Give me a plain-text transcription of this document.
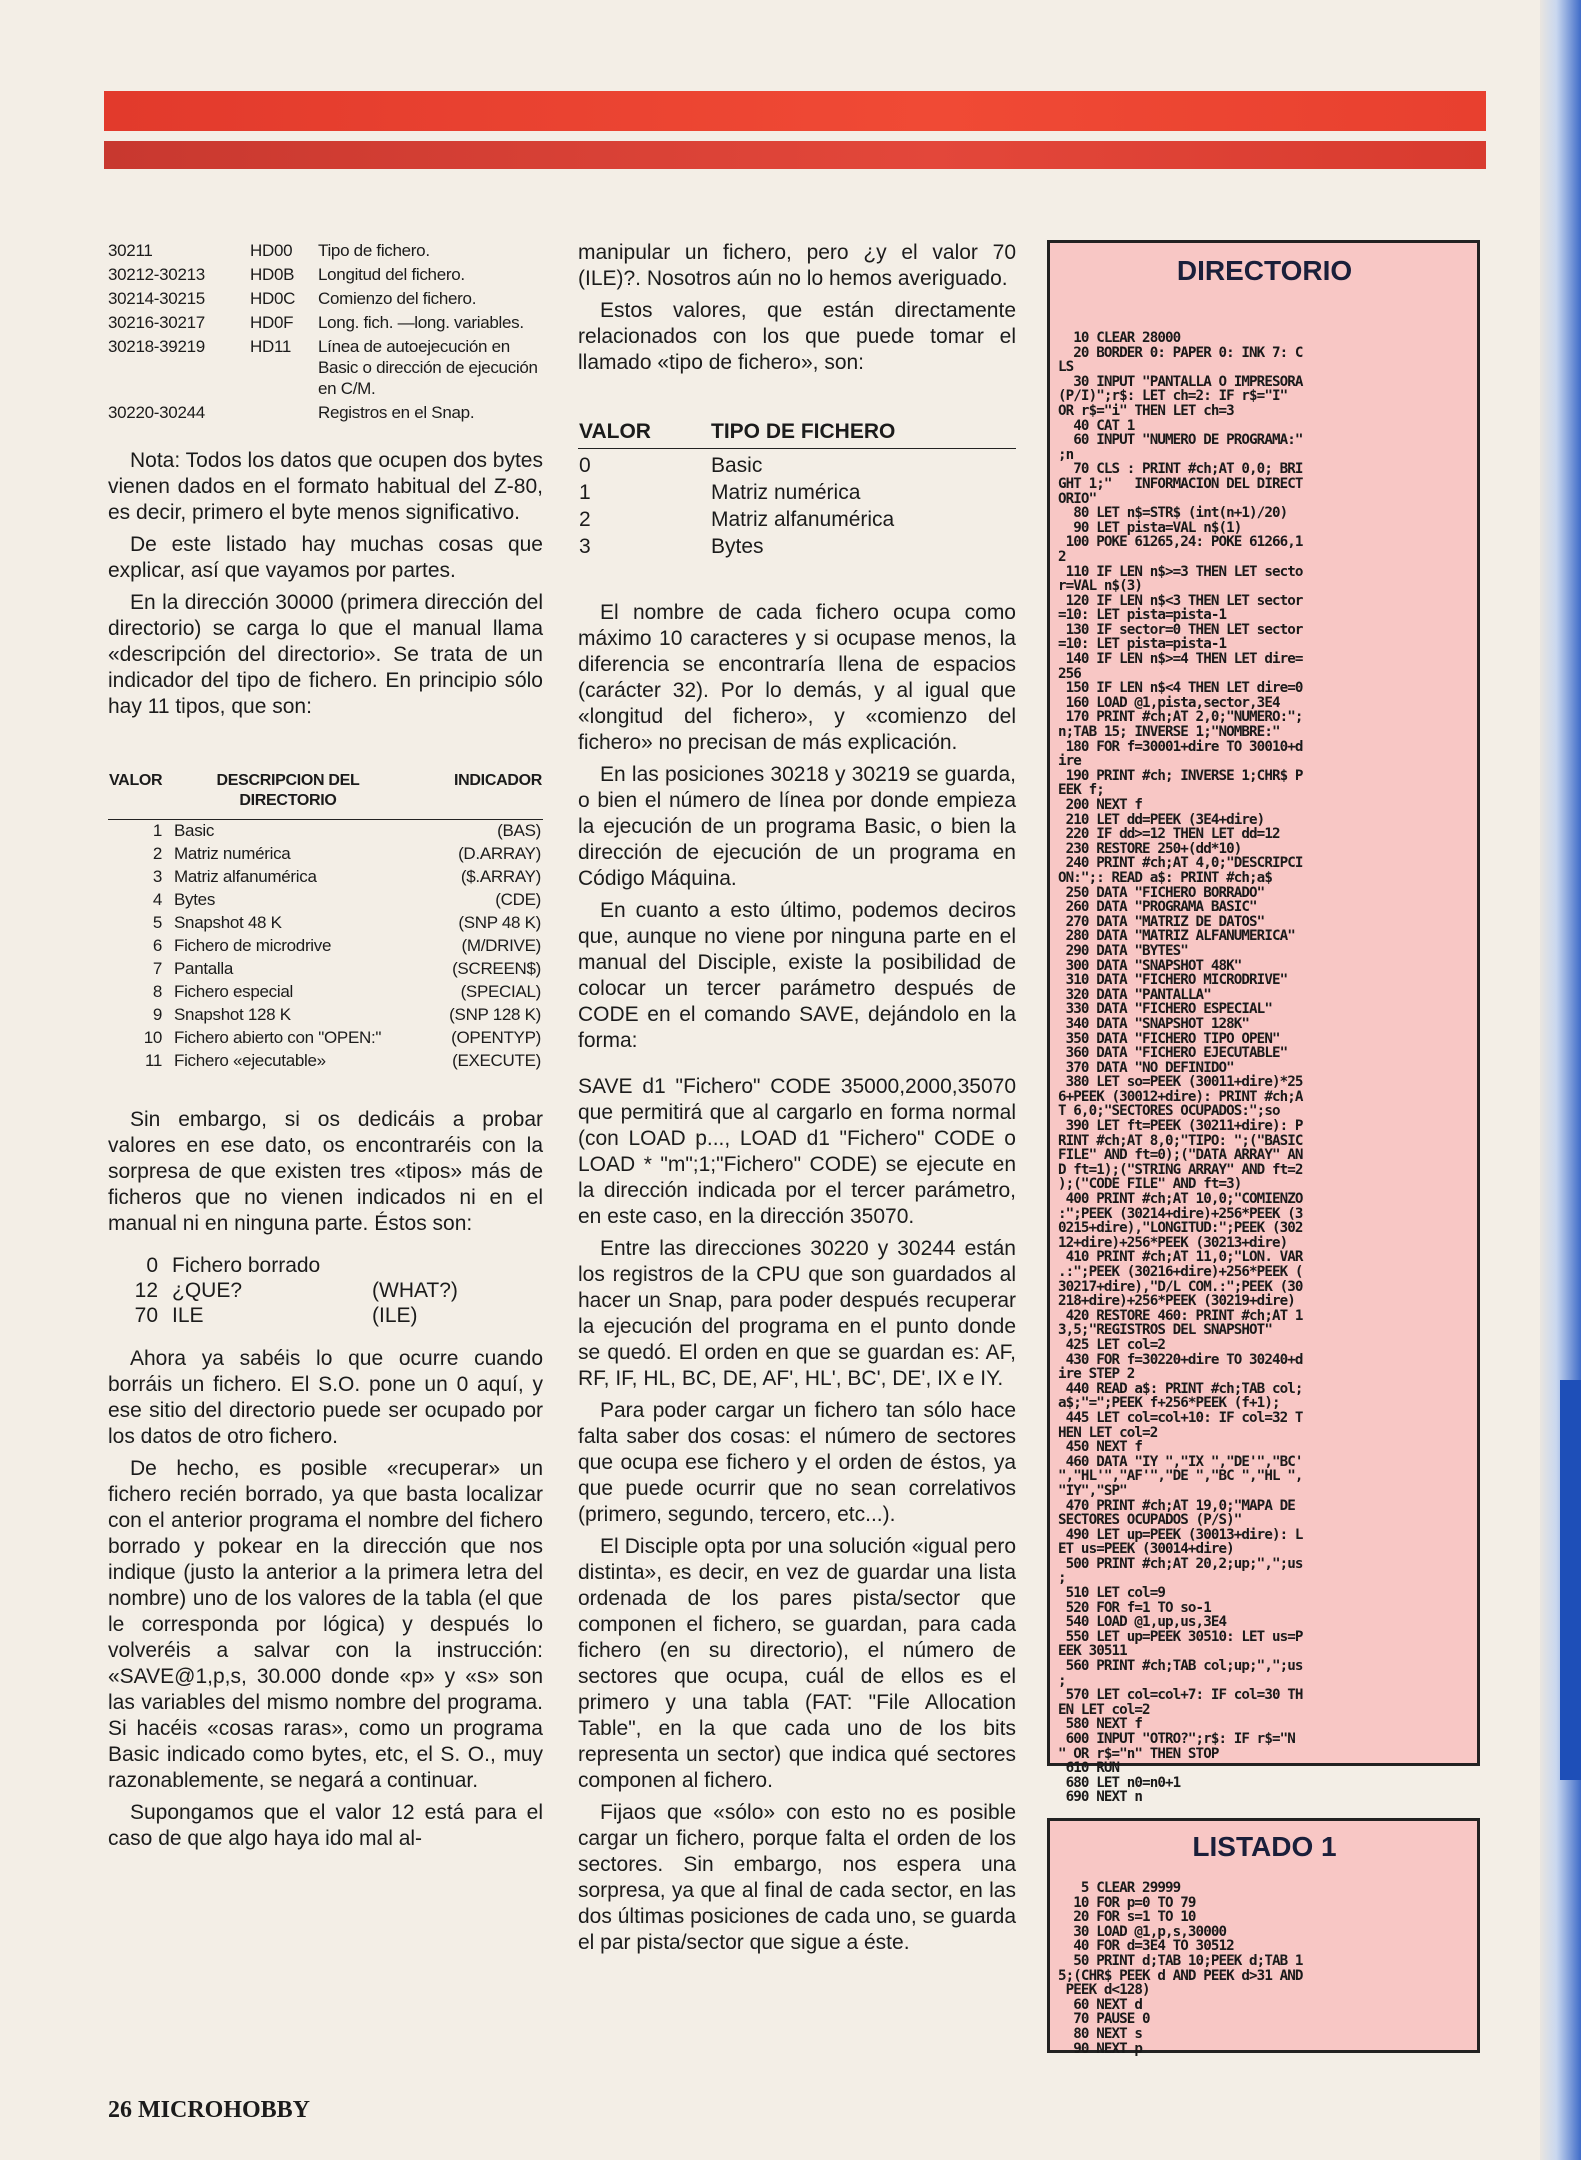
30211	HD00	Tipo de fichero.
30212-30213	HD0B	Longitud del fichero.
30214-30215	HD0C	Comienzo del fichero.
30216-30217	HD0F	Long. fich. —long. variables.
30218-39219	HD11	Línea de autoejecución en Basic o dirección de ejecución en C/M.
30220-30244		Registros en el Snap.

Nota: Todos los datos que ocupen dos bytes vienen dados en el formato habitual del Z-80, es decir, primero el byte menos significativo.

De este listado hay muchas cosas que explicar, así que vayamos por partes.

En la dirección 30000 (primera dirección del directorio) se carga lo que el manual llama «descripción del directorio». Se trata de un indicador del tipo de fichero. En principio sólo hay 11 tipos, que son:

VALOR	DESCRIPCION DEL DIRECTORIO	INDICADOR
1	Basic	(BAS)
2	Matriz numérica	(D.ARRAY)
3	Matriz alfanumérica	($.ARRAY)
4	Bytes	(CDE)
5	Snapshot 48 K	(SNP 48 K)
6	Fichero de microdrive	(M/DRIVE)
7	Pantalla	(SCREEN$)
8	Fichero especial	(SPECIAL)
9	Snapshot 128 K	(SNP 128 K)
10	Fichero abierto con "OPEN:"	(OPENTYP)
11	Fichero «ejecutable»	(EXECUTE)

Sin embargo, si os dedicáis a probar valores en ese dato, os encontraréis con la sorpresa de que existen tres «tipos» más de ficheros que no vienen indicados ni en el manual ni en ninguna parte. Éstos son:

0	Fichero borrado	
12	¿QUE?	(WHAT?)
70	ILE	(ILE)

Ahora ya sabéis lo que ocurre cuando borráis un fichero. El S.O. pone un 0 aquí, y ese sitio del directorio puede ser ocupado por los datos de otro fichero.

De hecho, es posible «recuperar» un fichero recién borrado, ya que basta localizar con el anterior programa el nombre del fichero borrado y pokear en la dirección que nos indique (justo la anterior a la primera letra del nombre) uno de los valores de la tabla (el que le corresponda por lógica) y después lo volveréis a salvar con la instrucción: «SAVE@1,p,s, 30.000 donde «p» y «s» son las variables del mismo nombre del programa. Si hacéis «cosas raras», como un programa Basic indicado como bytes, etc, el S. O., muy razonablemente, se negará a continuar.

Supongamos que el valor 12 está para el caso de que algo haya ido mal al-

manipular un fichero, pero ¿y el valor 70 (ILE)?. Nosotros aún no lo hemos averiguado.

Estos valores, que están directamente relacionados con los que puede tomar el llamado «tipo de fichero», son:

VALOR	TIPO DE FICHERO
0	Basic
1	Matriz numérica
2	Matriz alfanumérica
3	Bytes

El nombre de cada fichero ocupa como máximo 10 caracteres y si ocupase menos, la diferencia se encontraría llena de espacios (carácter 32). Por lo demás, y al igual que «longitud del fichero», y «comienzo del fichero» no precisan de más explicación.

En las posiciones 30218 y 30219 se guarda, o bien el número de línea por donde empieza la ejecución de un programa Basic, o bien la dirección de ejecución de un programa en Código Máquina.

En cuanto a esto último, podemos deciros que, aunque no viene por ninguna parte en el manual del Disciple, existe la posibilidad de colocar un tercer parámetro después de CODE en el comando SAVE, dejándolo en la forma:

SAVE d1 "Fichero" CODE 35000,2000,35070 que permitirá que al cargarlo en forma normal (con LOAD p..., LOAD d1 "Fichero" CODE o LOAD * "m";1;"Fichero" CODE) se ejecute en la dirección indicada por el tercer parámetro, en este caso, en la dirección 35070.

Entre las direcciones 30220 y 30244 están los registros de la CPU que son guardados al hacer un Snap, para poder después recuperar la ejecución del programa en el punto donde se quedó. El orden en que se guardan es: AF, RF, IF, HL, BC, DE, AF', HL', BC', DE', IX e IY.

Para poder cargar un fichero tan sólo hace falta saber dos cosas: el número de sectores que ocupa ese fichero y el orden de éstos, ya que puede ocurrir que no sean correlativos (primero, segundo, tercero, etc...).

El Disciple opta por una solución «igual pero distinta», es decir, en vez de guardar una lista ordenada de los pares pista/sector que componen el fichero, se guardan, para cada fichero (en su directorio), el número de sectores que ocupa, cuál de ellos es el primero y una tabla (FAT: "File Allocation Table", en la que cada uno de los bits representa un sector) que indica qué sectores componen al fichero.

Fijaos que «sólo» con esto no es posible cargar un fichero, porque falta el orden de los sectores. Sin embargo, nos espera una sorpresa, ya que al final de cada sector, en las dos últimas posiciones de cada uno, se guarda el par pista/sector que sigue a éste.

DIRECTORIO
10 CLEAR 28000
20 BORDER 0: PAPER 0: INK 7: C
LS
30 INPUT "PANTALLA O IMPRESORA
(P/I)";r$: LET ch=2: IF r$="I"
OR r$="i" THEN LET ch=3
40 CAT 1
60 INPUT "NUMERO DE PROGRAMA:"
;n
70 CLS : PRINT #ch;AT 0,0; BRI
GHT 1;"   INFORMACION DEL DIRECT
ORIO"
80 LET n$=STR$ (int(n+1)/20)
90 LET pista=VAL n$(1)
100 POKE 61265,24: POKE 61266,1
2
110 IF LEN n$>=3 THEN LET secto
r=VAL n$(3)
120 IF LEN n$<3 THEN LET sector
=10: LET pista=pista-1
130 IF sector=0 THEN LET sector
=10: LET pista=pista-1
140 IF LEN n$>=4 THEN LET dire=
256
150 IF LEN n$<4 THEN LET dire=0
160 LOAD @1,pista,sector,3E4
170 PRINT #ch;AT 2,0;"NUMERO:";
n;TAB 15; INVERSE 1;"NOMBRE:"
180 FOR f=30001+dire TO 30010+d
ire
190 PRINT #ch; INVERSE 1;CHR$ P
EEK f;
200 NEXT f
210 LET dd=PEEK (3E4+dire)
220 IF dd>=12 THEN LET dd=12
230 RESTORE 250+(dd*10)
240 PRINT #ch;AT 4,0;"DESCRIPCI
ON:";: READ a$: PRINT #ch;a$
250 DATA "FICHERO BORRADO"
260 DATA "PROGRAMA BASIC"
270 DATA "MATRIZ DE DATOS"
280 DATA "MATRIZ ALFANUMERICA"
290 DATA "BYTES"
300 DATA "SNAPSHOT 48K"
310 DATA "FICHERO MICRODRIVE"
320 DATA "PANTALLA"
330 DATA "FICHERO ESPECIAL"
340 DATA "SNAPSHOT 128K"
350 DATA "FICHERO TIPO OPEN"
360 DATA "FICHERO EJECUTABLE"
370 DATA "NO DEFINIDO"
380 LET so=PEEK (30011+dire)*25
6+PEEK (30012+dire): PRINT #ch;A
T 6,0;"SECTORES OCUPADOS:";so
390 LET ft=PEEK (30211+dire): P
RINT #ch;AT 8,0;"TIPO: ";("BASIC
FILE" AND ft=0);("DATA ARRAY" AN
D ft=1);("STRING ARRAY" AND ft=2
);("CODE FILE" AND ft=3)
400 PRINT #ch;AT 10,0;"COMIENZO
:";PEEK (30214+dire)+256*PEEK (3
0215+dire),"LONGITUD:";PEEK (302
12+dire)+256*PEEK (30213+dire)
410 PRINT #ch;AT 11,0;"LON. VAR
.:";PEEK (30216+dire)+256*PEEK (
30217+dire),"D/L COM.:";PEEK (30
218+dire)+256*PEEK (30219+dire)
420 RESTORE 460: PRINT #ch;AT 1
3,5;"REGISTROS DEL SNAPSHOT"
425 LET col=2
430 FOR f=30220+dire TO 30240+d
ire STEP 2
440 READ a$: PRINT #ch;TAB col;
a$;"=";PEEK f+256*PEEK (f+1);
445 LET col=col+10: IF col=32 T
HEN LET col=2
450 NEXT f
460 DATA "IY ","IX ","DE'","BC'
","HL'","AF'","DE ","BC ","HL ",
"IY","SP"
470 PRINT #ch;AT 19,0;"MAPA DE
SECTORES OCUPADOS (P/S)"
490 LET up=PEEK (30013+dire): L
ET us=PEEK (30014+dire)
500 PRINT #ch;AT 20,2;up;",";us
;
510 LET col=9
520 FOR f=1 TO so-1
540 LOAD @1,up,us,3E4
550 LET up=PEEK 30510: LET us=P
EEK 30511
560 PRINT #ch;TAB col;up;",";us
;
570 LET col=col+7: IF col=30 TH
EN LET col=2
580 NEXT f
600 INPUT "OTRO?";r$: IF r$="N
" OR r$="n" THEN STOP
610 RUN
680 LET n0=n0+1
690 NEXT n
LISTADO 1
5 CLEAR 29999
10 FOR p=0 TO 79
20 FOR s=1 TO 10
30 LOAD @1,p,s,30000
40 FOR d=3E4 TO 30512
50 PRINT d;TAB 10;PEEK d;TAB 1
5;(CHR$ PEEK d AND PEEK d>31 AND
PEEK d<128)
60 NEXT d
70 PAUSE 0
80 NEXT s
90 NEXT p
26 MICROHOBBY
